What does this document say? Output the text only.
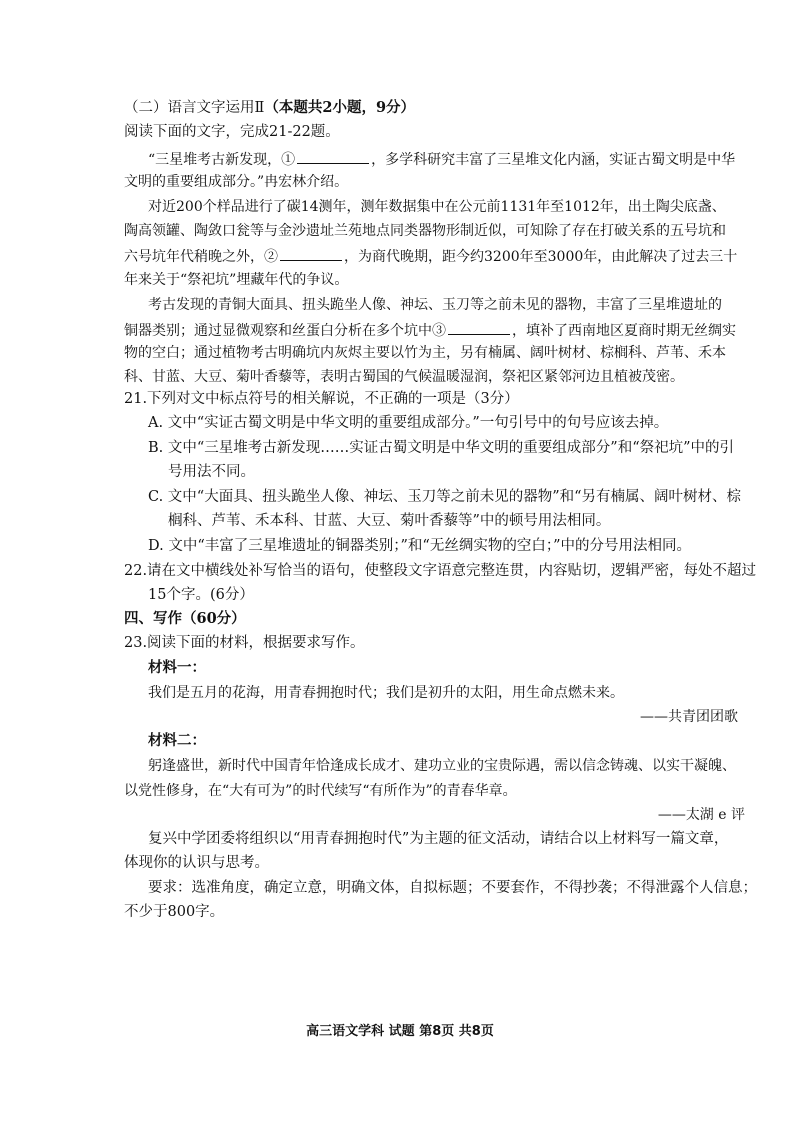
（二）语言文字运用Ⅱ（本题共2小题，9分）
阅读下面的文字，完成21-22题。
“三星堆考古新发现，①	，多学科研究丰富了三星堆文化内涵，实证古蜀文明是中华
文明的重要组成部分。”冉宏林介绍。
对近200个样品进行了碳14测年，测年数据集中在公元前1131年至1012年，出土陶尖底盏、
陶高领罐、陶敛口瓮等与金沙遗址兰苑地点同类器物形制近似，可知除了存在打破关系的五号坑和
六号坑年代稍晚之外，②	，为商代晚期，距今约3200年至3000年，由此解决了过去三十
年来关于“祭祀坑”埋藏年代的争议。
考古发现的青铜大面具、扭头跪坐人像、神坛、玉刀等之前未见的器物，丰富了三星堆遗址的
铜器类别；通过显微观察和丝蛋白分析在多个坑中③	，填补了西南地区夏商时期无丝绸实
物的空白；通过植物考古明确坑内灰烬主要以竹为主，另有楠属、阔叶树材、棕榈科、芦苇、禾本
科、甘蓝、大豆、菊叶香藜等，表明古蜀国的气候温暖湿润，祭祀区紧邻河边且植被茂密。
21.下列对文中标点符号的相关解说，不正确的一项是（3分）
A. 文中“实证古蜀文明是中华文明的重要组成部分。”一句引号中的句号应该去掉。
B. 文中“三星堆考古新发现……实证古蜀文明是中华文明的重要组成部分”和“祭祀坑”中的引
号用法不同。
C. 文中“大面具、扭头跪坐人像、神坛、玉刀等之前未见的器物”和“另有楠属、阔叶树材、棕
榈科、芦苇、禾本科、甘蓝、大豆、菊叶香藜等”中的顿号用法相同。
D. 文中“丰富了三星堆遗址的铜器类别；”和“无丝绸实物的空白；”中的分号用法相同。
22.请在文中横线处补写恰当的语句，使整段文字语意完整连贯，内容贴切，逻辑严密，每处不超过
15个字。(6分）
四、写作（60分）
23.阅读下面的材料，根据要求写作。
材料一：
我们是五月的花海，用青春拥抱时代；我们是初升的太阳，用生命点燃未来。
——共青团团歌
材料二：
躬逢盛世，新时代中国青年恰逢成长成才、建功立业的宝贵际遇，需以信念铸魂、以实干凝魄、
以党性修身，在“大有可为”的时代续写“有所作为”的青春华章。
——太湖 e 评
复兴中学团委将组织以“用青春拥抱时代”为主题的征文活动，请结合以上材料写一篇文章，
体现你的认识与思考。
要求：选准角度，确定立意，明确文体，自拟标题；不要套作，不得抄袭；不得泄露个人信息；
不少于800字。
高三语文学科 试题 第8页 共8页
